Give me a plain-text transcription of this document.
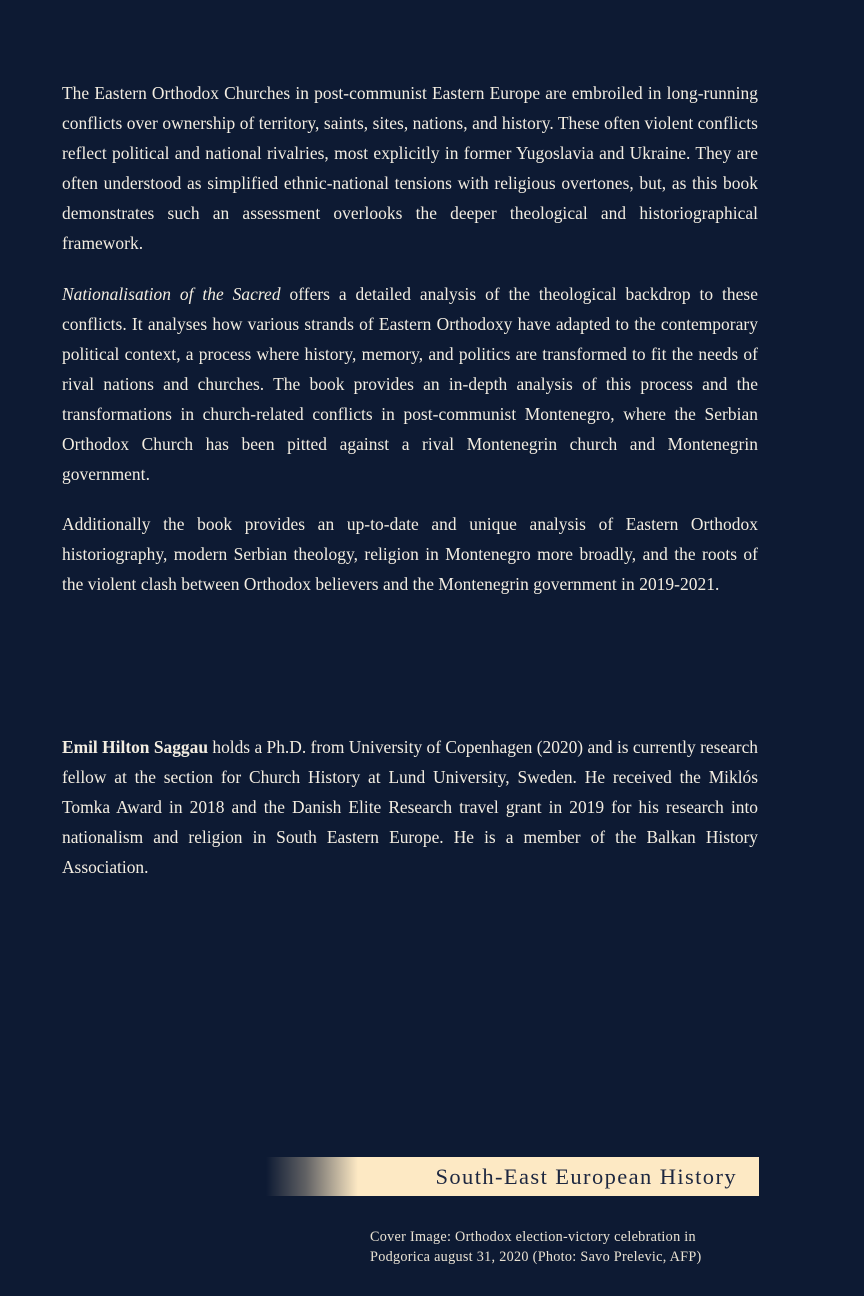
The Eastern Orthodox Churches in post-communist Eastern Europe are embroiled in long-running conflicts over ownership of territory, saints, sites, nations, and history. These often violent conflicts reflect political and national rivalries, most explicitly in former Yugoslavia and Ukraine. They are often understood as simplified ethnic-national tensions with religious overtones, but, as this book demonstrates such an assessment overlooks the deeper theological and historiographical framework.

Nationalisation of the Sacred offers a detailed analysis of the theological backdrop to these conflicts. It analyses how various strands of Eastern Orthodoxy have adapted to the contemporary political context, a process where history, memory, and politics are transformed to fit the needs of rival nations and churches. The book provides an in-depth analysis of this process and the transformations in church-related conflicts in post-communist Montenegro, where the Serbian Orthodox Church has been pitted against a rival Montenegrin church and Montenegrin government.

Additionally the book provides an up-to-date and unique analysis of Eastern Orthodox historiography, modern Serbian theology, religion in Montenegro more broadly, and the roots of the violent clash between Orthodox believers and the Montenegrin government in 2019-2021.

Emil Hilton Saggau holds a Ph.D. from University of Copenhagen (2020) and is currently research fellow at the section for Church History at Lund University, Sweden. He received the Miklós Tomka Award in 2018 and the Danish Elite Research travel grant in 2019 for his research into nationalism and religion in South Eastern Europe. He is a member of the Balkan History Association.

South-East European History
Cover Image: Orthodox election-victory celebration in
Podgorica august 31, 2020 (Photo: Savo Prelevic, AFP)
